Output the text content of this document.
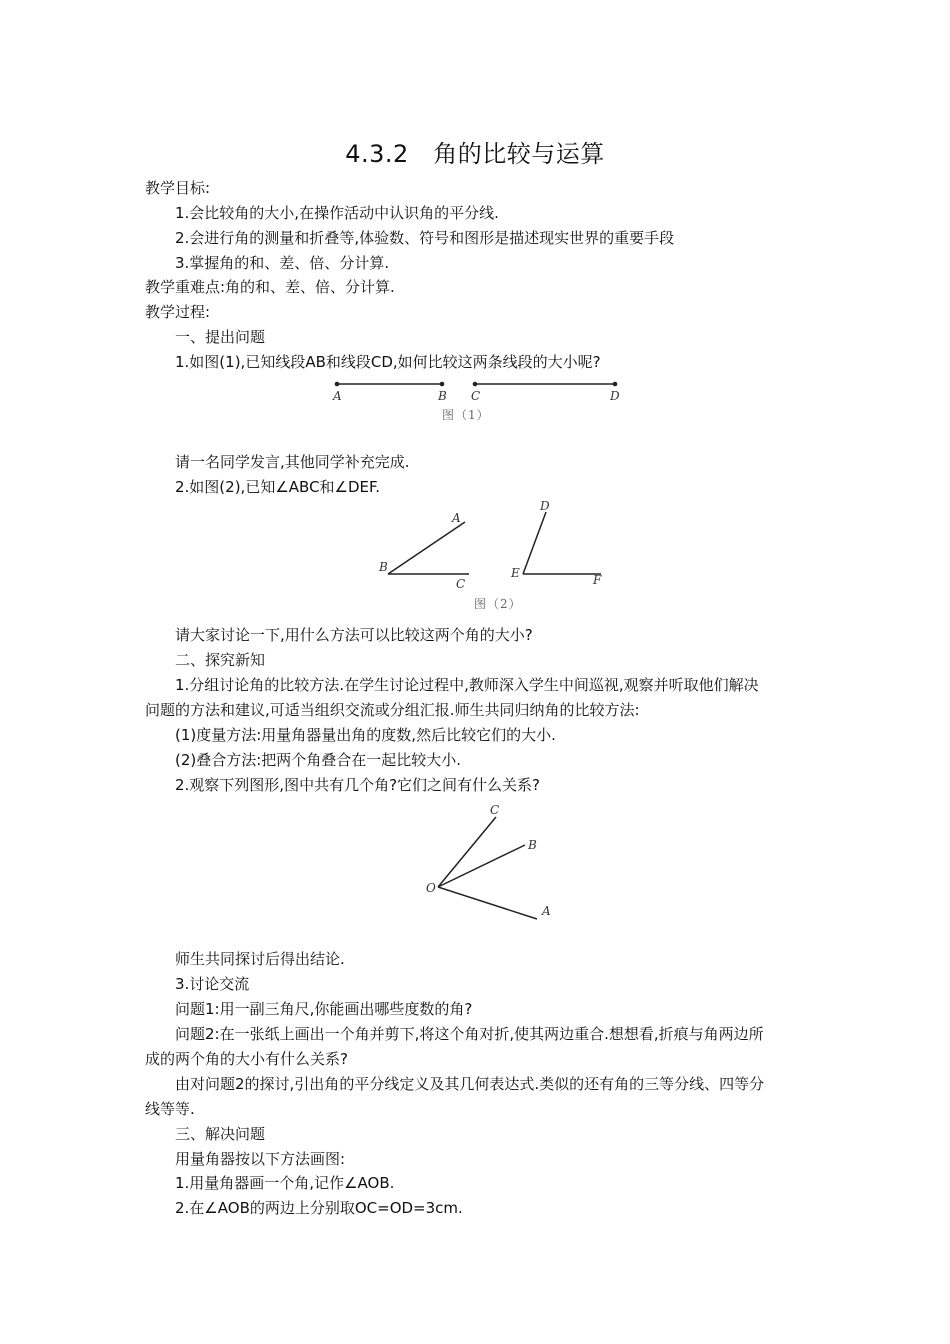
4.3.2　角的比较与运算
教学目标:
1.会比较角的大小,在操作活动中认识角的平分线.
2.会进行角的测量和折叠等,体验数、符号和图形是描述现实世界的重要手段
3.掌握角的和、差、倍、分计算.
教学重难点:角的和、差、倍、分计算.
教学过程:
一、提出问题
1.如图(1),已知线段AB和线段CD,如何比较这两条线段的大小呢?
A	B C	D
图（1）
请一名同学发言,其他同学补充完成.
2.如图(2),已知∠ABC和∠DEF.
A
B
C
D
E	F
图（2）
请大家讨论一下,用什么方法可以比较这两个角的大小?
二、探究新知
1.分组讨论角的比较方法.在学生讨论过程中,教师深入学生中间巡视,观察并听取他们解决
问题的方法和建议,可适当组织交流或分组汇报.师生共同归纳角的比较方法:
(1)度量方法:用量角器量出角的度数,然后比较它们的大小.
(2)叠合方法:把两个角叠合在一起比较大小.
2.观察下列图形,图中共有几个角?它们之间有什么关系?
C
B
O
A
师生共同探讨后得出结论.
3.讨论交流
问题1:用一副三角尺,你能画出哪些度数的角?
问题2:在一张纸上画出一个角并剪下,将这个角对折,使其两边重合.想想看,折痕与角两边所
成的两个角的大小有什么关系?
由对问题2的探讨,引出角的平分线定义及其几何表达式.类似的还有角的三等分线、四等分
线等等.
三、解决问题
用量角器按以下方法画图:
1.用量角器画一个角,记作∠AOB.
2.在∠AOB的两边上分别取OC=OD=3cm.
